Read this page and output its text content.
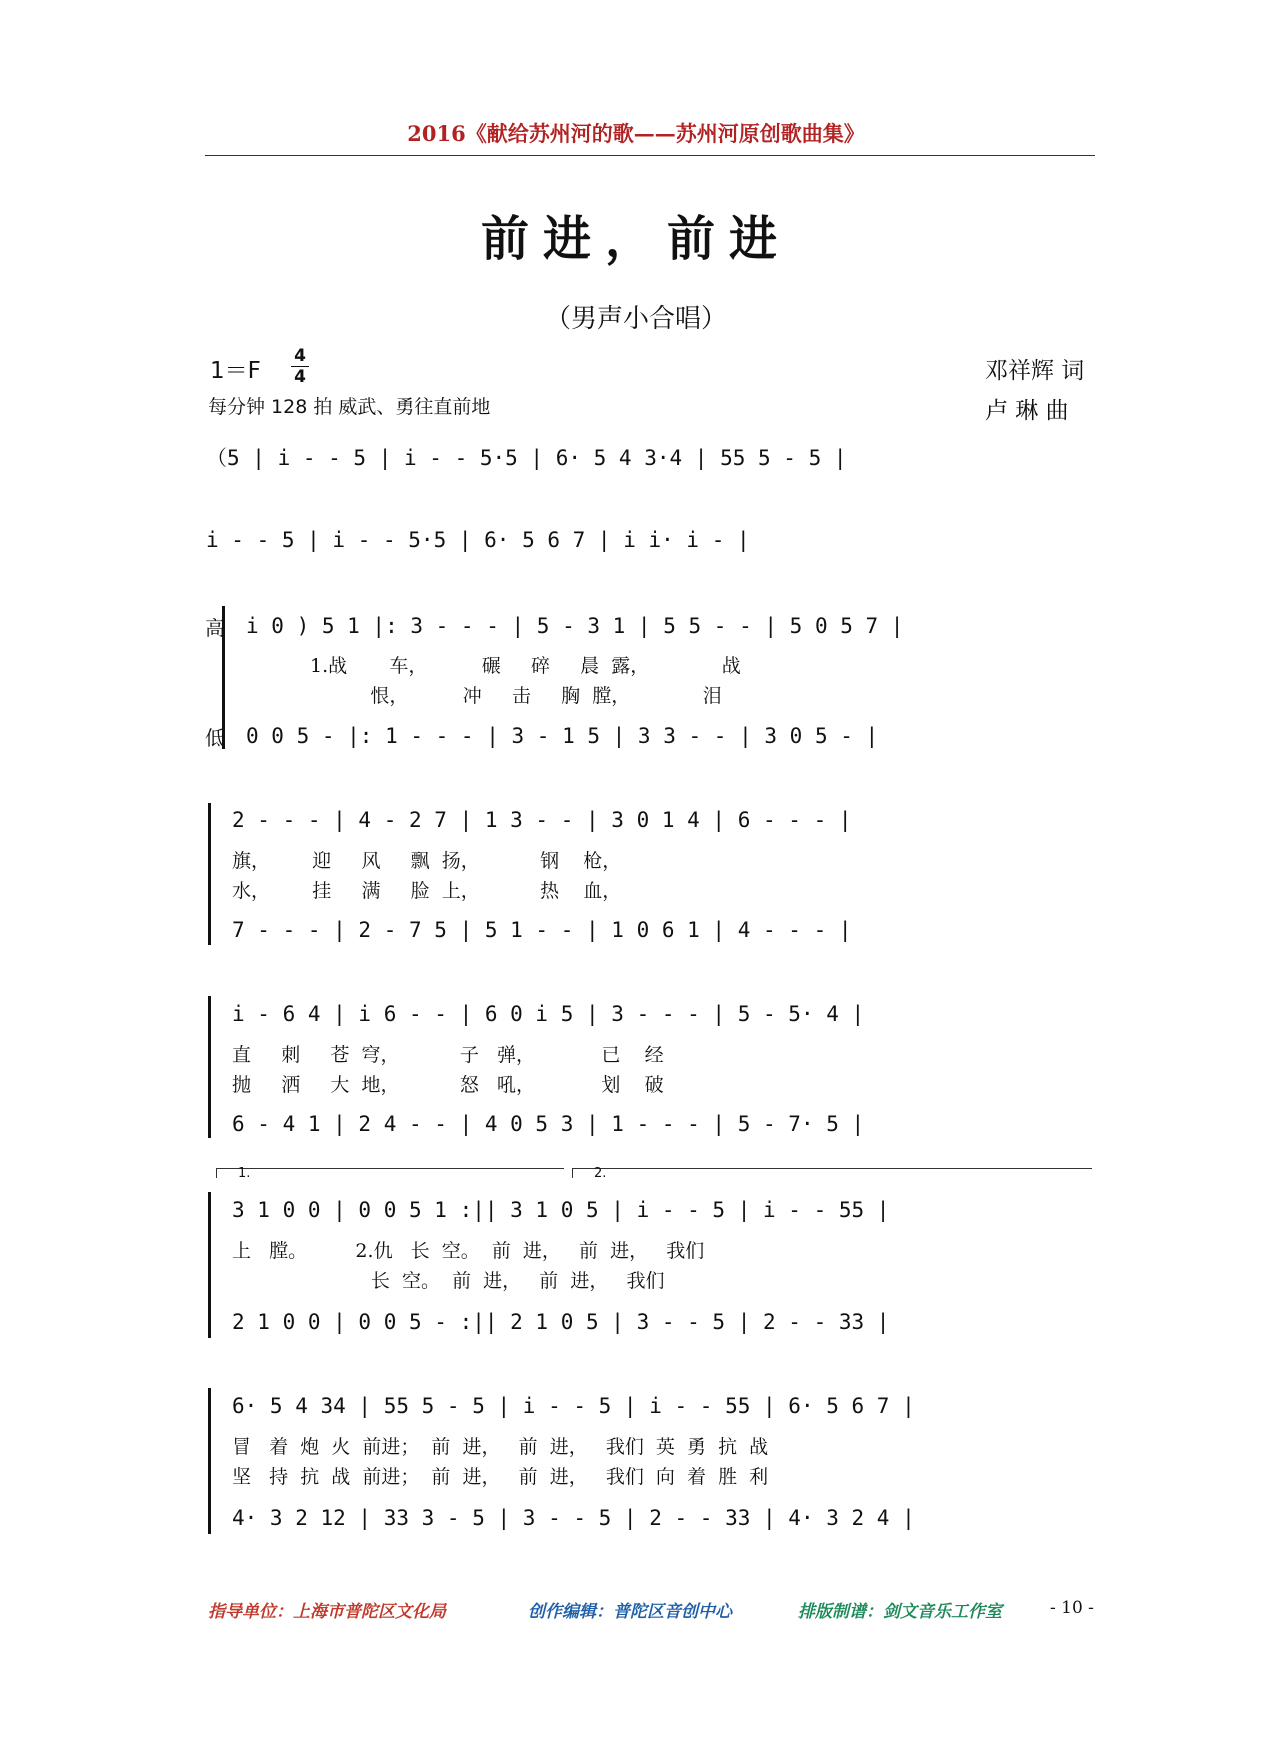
2016《献给苏州河的歌——苏州河原创歌曲集》
前进，前进
（男声小合唱）
1＝F
4
4
每分钟 128 拍 威武、勇往直前地
邓祥辉 词
卢 琳 曲
（5 | i - - 5 | i - - 5·5 | 6· 5 4 3·4 | 55 5 - 5 |
i - - 5 | i - - 5·5 | 6· 5 6 7 | i i· i - |
高
低
i 0 ) 5 1 |: 3 - - - | 5 - 3 1 | 5 5 - - | 5 0 5 7 |
1.战       车，         碾     碎     晨  露，            战
恨，         冲     击     胸  膛，            泪
0 0 5 - |: 1 - - - | 3 - 1 5 | 3 3 - - | 3 0 5 - |
2 - - - | 4 - 2 7 | 1 3 - - | 3 0 1 4 | 6 - - - |
旗，       迎     风     飘  扬，          钢    枪，
水，       挂     满     脸  上，          热    血，
7 - - - | 2 - 7 5 | 5 1 - - | 1 0 6 1 | 4 - - - |
i - 6 4 | i 6 - - | 6 0 i 5 | 3 - - - | 5 - 5· 4 |
直     刺     苍  穹，          子   弹，           已    经
抛     洒     大  地，          怒   吼，           划    破
6 - 4 1 | 2 4 - - | 4 0 5 3 | 1 - - - | 5 - 7· 5 |
1.	2.
3 1 0 0 | 0 0 5 1 :|| 3 1 0 5 | i - - 5 | i - - 55 |
上   膛。        2.仇   长  空。  前  进，   前  进，   我们
长  空。  前  进，   前  进，   我们
2 1 0 0 | 0 0 5 - :|| 2 1 0 5 | 3 - - 5 | 2 - - 33 |
6· 5 4 34 | 55 5 - 5 | i - - 5 | i - - 55 | 6· 5 6 7 |
冒   着  炮  火  前进；  前  进，   前  进，   我们  英  勇  抗  战
坚   持  抗  战  前进；  前  进，   前  进，   我们  向  着  胜  利
4· 3 2 12 | 33 3 - 5 | 3 - - 5 | 2 - - 33 | 4· 3 2 4 |
指导单位：上海市普陀区文化局	创作编辑：普陀区音创中心	排版制谱：剑文音乐工作室	- 10 -
